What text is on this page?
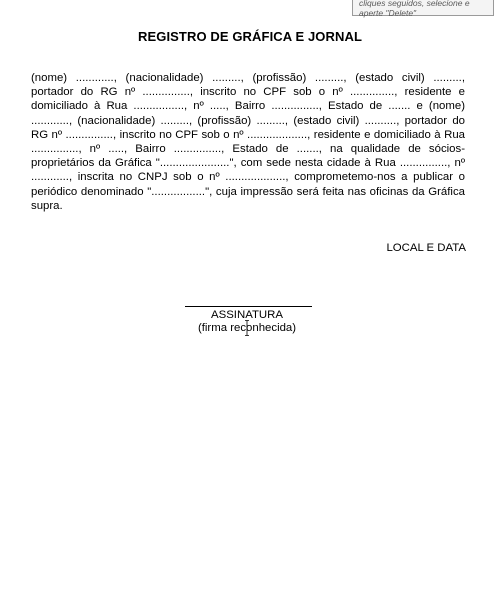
cliques seguidos, selecione e
aperte "Delete"
REGISTRO DE GRÁFICA E JORNAL

(nome) ............, (nacionalidade) ........., (profissão) ........., (estado civil) ........., portador do RG nº ..............., inscrito no CPF sob o nº .............., residente e domiciliado à Rua ................, nº ....., Bairro ..............., Estado de ....... e (nome) ............, (nacionalidade) ........., (profissão) ........., (estado civil) .........., portador do RG nº ..............., inscrito no CPF sob o nº ..................., residente e domiciliado à Rua ..............., nº ....., Bairro ..............., Estado de ......., na qualidade de sócios-proprietários da Gráfica "......................", com sede nesta cidade à Rua ..............., nº ............, inscrita no CNPJ sob o nº ..................., comprometemo-nos a publicar o periódico denominado ".................", cuja impressão será feita nas oficinas da Gráfica supra.

LOCAL E DATA
ASSINATURA
(firma reconhecida)
